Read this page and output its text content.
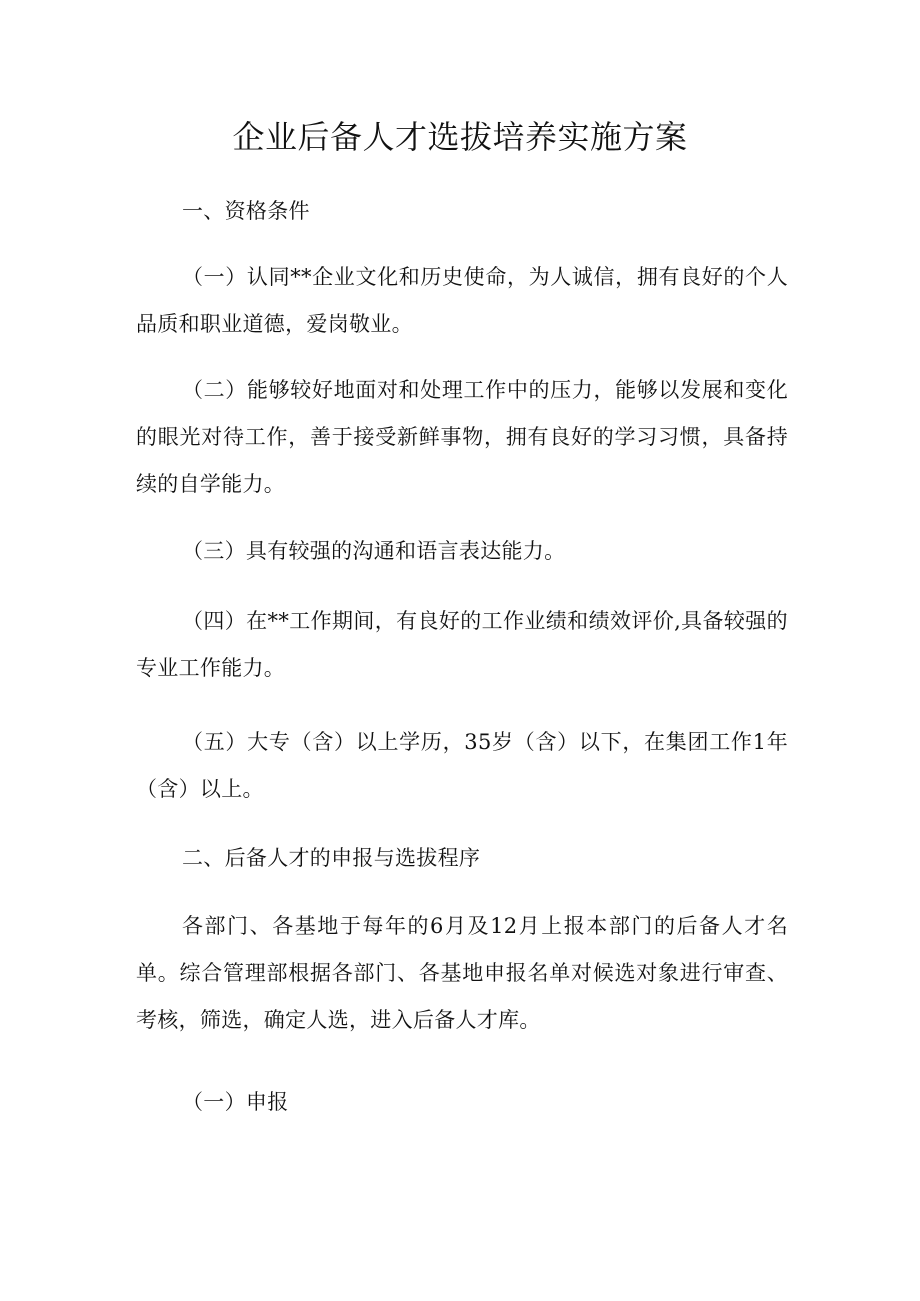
企业后备人才选拔培养实施方案

一、资格条件

（一）认同**企业文化和历史使命，为人诚信，拥有良好的个人品质和职业道德，爱岗敬业。

（二）能够较好地面对和处理工作中的压力，能够以发展和变化的眼光对待工作，善于接受新鲜事物，拥有良好的学习习惯，具备持续的自学能力。

（三）具有较强的沟通和语言表达能力。

（四）在**工作期间，有良好的工作业绩和绩效评价,具备较强的专业工作能力。

（五）大专（含）以上学历，35岁（含）以下，在集团工作1年（含）以上。

二、后备人才的申报与选拔程序

各部门、各基地于每年的6月及12月上报本部门的后备人才名单。综合管理部根据各部门、各基地申报名单对候选对象进行审查、考核，筛选，确定人选，进入后备人才库。

（一）申报
